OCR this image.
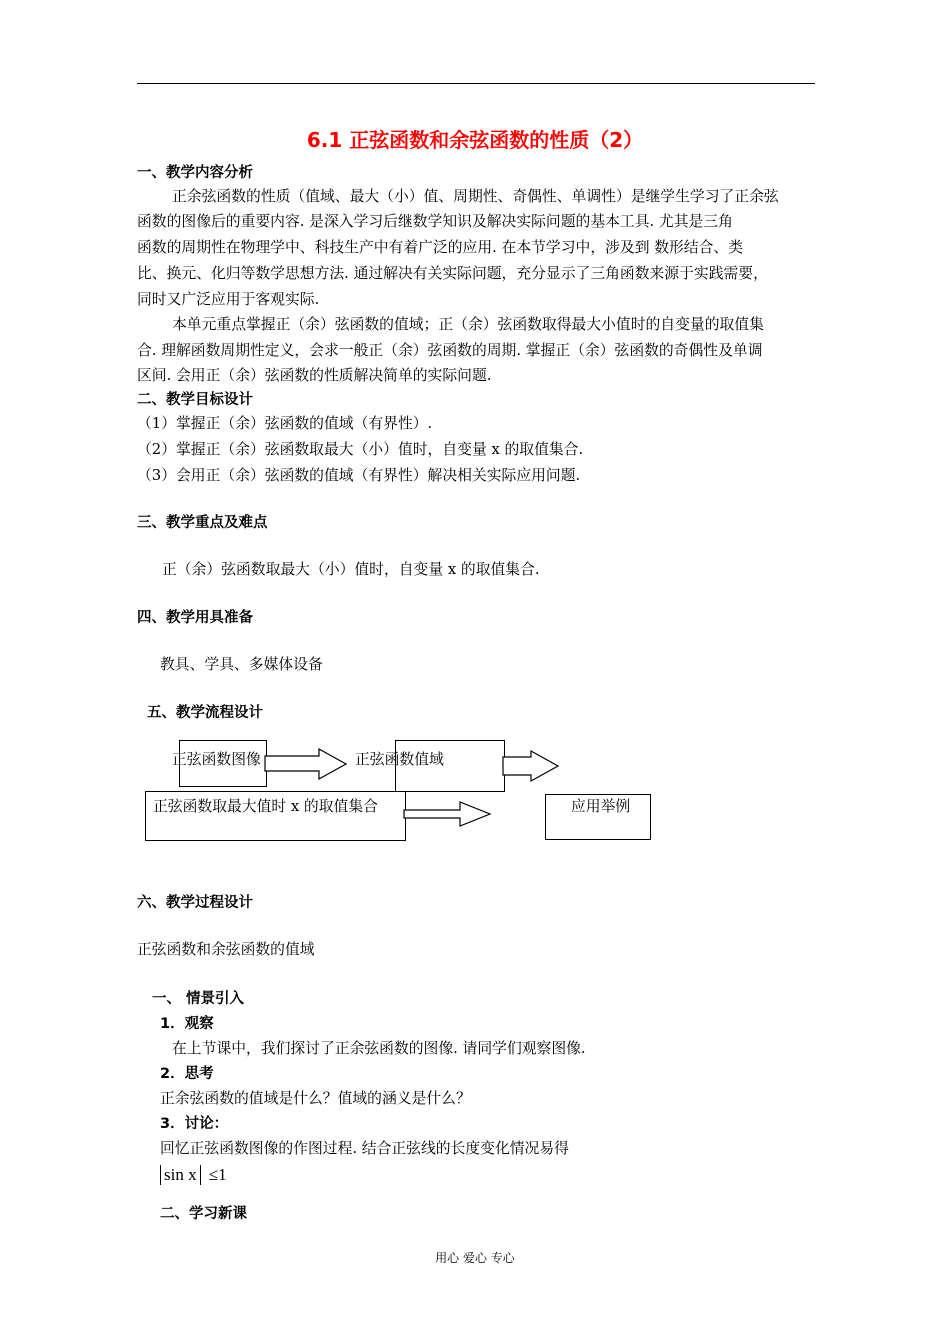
6.1 正弦函数和余弦函数的性质（2）
一、教学内容分析
正余弦函数的性质（值域、最大（小）值、周期性、奇偶性、单调性）是继学生学习了正余弦
函数的图像后的重要内容. 是深入学习后继数学知识及解决实际问题的基本工具. 尤其是三角
函数的周期性在物理学中、科技生产中有着广泛的应用. 在本节学习中，涉及到 数形结合、类
比、换元、化归等数学思想方法. 通过解决有关实际问题，充分显示了三角函数来源于实践需要，
同时又广泛应用于客观实际.
本单元重点掌握正（余）弦函数的值域；正（余）弦函数取得最大小值时的自变量的取值集
合. 理解函数周期性定义，会求一般正（余）弦函数的周期. 掌握正（余）弦函数的奇偶性及单调
区间. 会用正（余）弦函数的性质解决简单的实际问题.
二、教学目标设计
（1）掌握正（余）弦函数的值域（有界性）.
（2）掌握正（余）弦函数取最大（小）值时，自变量 x 的取值集合.
（3）会用正（余）弦函数的值域（有界性）解决相关实际应用问题.
三、教学重点及难点
正（余）弦函数取最大（小）值时，自变量 x 的取值集合.
四、教学用具准备
教具、学具、多媒体设备
五、教学流程设计
正弦函数图像	正弦函数值域
正弦函数取最大值时 x 的取值集合	应用举例
六、教学过程设计
正弦函数和余弦函数的值域
一、 情景引入
1．观察
在上节课中，我们探讨了正余弦函数的图像. 请同学们观察图像.
2．思考
正余弦函数的值域是什么？值域的涵义是什么？
3．讨论：
回忆正弦函数图像的作图过程. 结合正弦线的长度变化情况易得
sin x ≤1
二、学习新课
用心 爱心 专心
